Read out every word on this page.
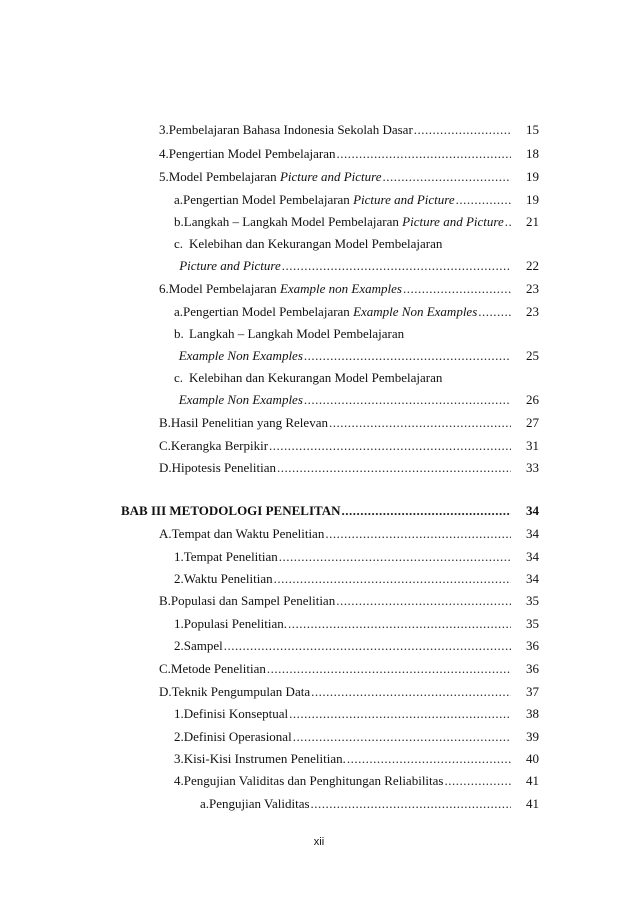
3. Pembelajaran Bahasa Indonesia Sekolah Dasar .....	15
4. Pengertian Model Pembelajaran .....	18
5. Model Pembelajaran Picture and Picture .....	19
a. Pengertian Model Pembelajaran Picture and Picture .....	19
b. Langkah – Langkah Model Pembelajaran Picture and Picture .....	21
c. Kelebihan dan Kekurangan Model Pembelajaran
Picture and Picture .....	22
6. Model Pembelajaran Example non Examples .....	23
a. Pengertian Model Pembelajaran Example Non Examples .....	23
b. Langkah – Langkah Model Pembelajaran
Example Non Examples .....	25
c. Kelebihan dan Kekurangan Model Pembelajaran
Example Non Examples .....	26
B. Hasil Penelitian yang Relevan .....	27
C. Kerangka Berpikir .....	31
D. Hipotesis Penelitian .....	33
BAB III METODOLOGI PENELITAN .....	34
A. Tempat dan Waktu Penelitian .....	34
1. Tempat Penelitian .....	34
2. Waktu Penelitian .....	34
B. Populasi dan Sampel Penelitian .....	35
1. Populasi Penelitian. .....	35
2. Sampel .....	36
C. Metode Penelitian .....	36
D. Teknik Pengumpulan Data .....	37
1. Definisi Konseptual .....	38
2. Definisi Operasional .....	39
3. Kisi-Kisi Instrumen Penelitian. .....	40
4. Pengujian Validitas dan Penghitungan Reliabilitas .....	41
a. Pengujian Validitas .....	41
xii
